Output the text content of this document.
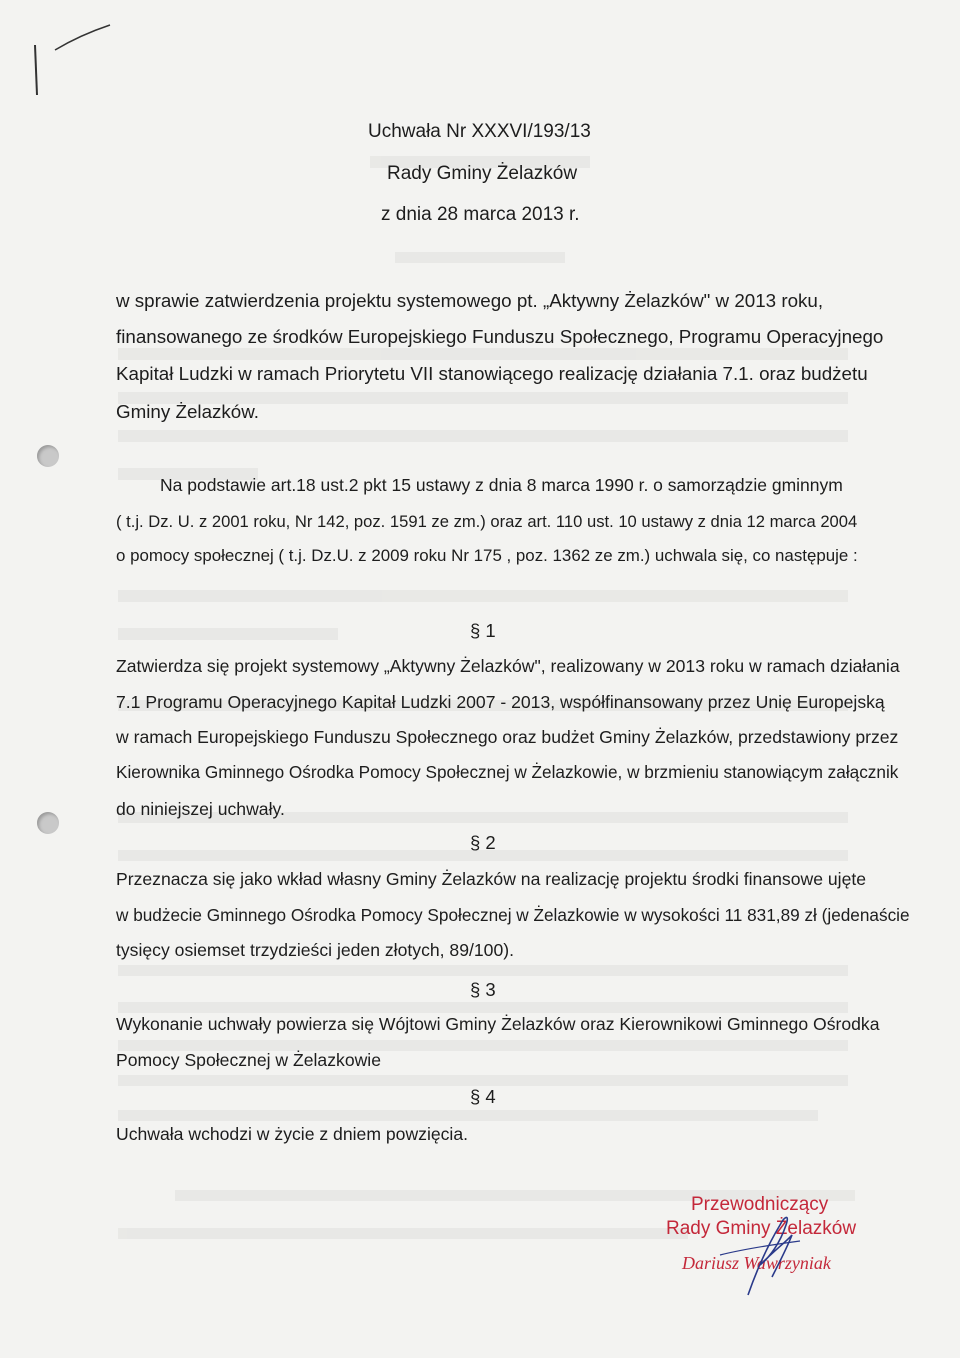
Uchwała Nr XXXVI/193/13
Rady Gminy Żelazków
z dnia 28 marca 2013 r.
w sprawie zatwierdzenia projektu systemowego pt. „Aktywny Żelazków" w 2013 roku,
finansowanego ze środków Europejskiego Funduszu Społecznego, Programu Operacyjnego
Kapitał Ludzki w ramach Priorytetu VII stanowiącego realizację działania 7.1. oraz budżetu
Gminy Żelazków.
Na podstawie art.18 ust.2 pkt 15 ustawy z dnia 8 marca 1990 r. o samorządzie gminnym
( t.j. Dz. U. z 2001 roku, Nr 142, poz. 1591 ze zm.) oraz art. 110 ust. 10 ustawy z dnia 12 marca 2004
o pomocy społecznej ( t.j. Dz.U. z 2009 roku Nr 175 , poz. 1362 ze zm.) uchwala się, co następuje :
§ 1
Zatwierdza się projekt systemowy „Aktywny Żelazków", realizowany w 2013 roku w ramach działania
7.1 Programu Operacyjnego Kapitał Ludzki 2007 - 2013, współfinansowany przez Unię Europejską
w ramach Europejskiego Funduszu Społecznego oraz budżet Gminy Żelazków, przedstawiony przez
Kierownika Gminnego Ośrodka Pomocy Społecznej w Żelazkowie, w brzmieniu stanowiącym załącznik
do niniejszej uchwały.
§ 2
Przeznacza się jako wkład własny Gminy Żelazków na realizację projektu środki finansowe ujęte
w budżecie Gminnego Ośrodka Pomocy Społecznej w Żelazkowie w wysokości 11 831,89 zł (jedenaście
tysięcy osiemset trzydzieści jeden złotych, 89/100).
§ 3
Wykonanie uchwały powierza się Wójtowi Gminy Żelazków oraz Kierownikowi Gminnego Ośrodka
Pomocy Społecznej w Żelazkowie
§ 4
Uchwała wchodzi w życie z dniem powzięcia.
Przewodniczący
Rady Gminy Żelazków
Dariusz Wawrzyniak
